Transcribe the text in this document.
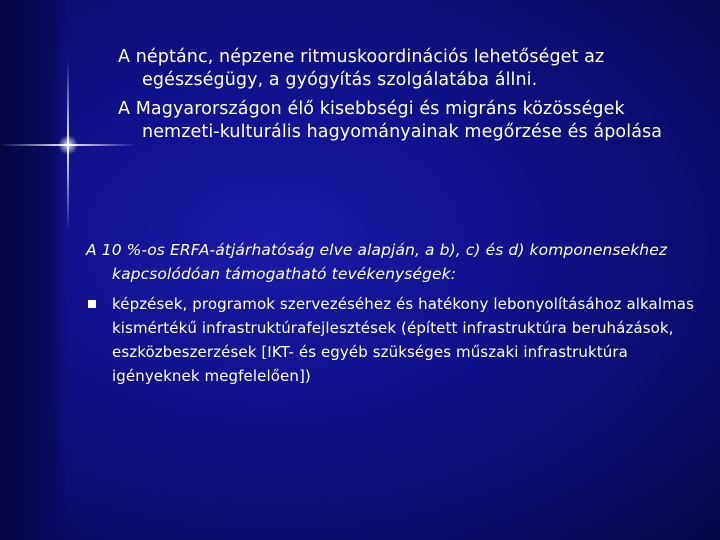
A néptánc, népzene ritmuskoordinációs lehetőséget az egészségügy, a gyógyítás szolgálatába állni.

A Magyarországon élő kisebbségi és migráns közösségek nemzeti-kulturális hagyományainak megőrzése és ápolása

A 10 %-os ERFA-átjárhatóság elve alapján, a b), c) és d) komponensekhez kapcsolódóan támogatható tevékenységek:

képzések, programok szervezéséhez és hatékony lebonyolításához alkalmas kismértékű infrastruktúrafejlesztések (épített infrastruktúra beruházások, eszközbeszerzések [IKT- és egyéb szükséges műszaki infrastruktúra igényeknek megfelelően])
